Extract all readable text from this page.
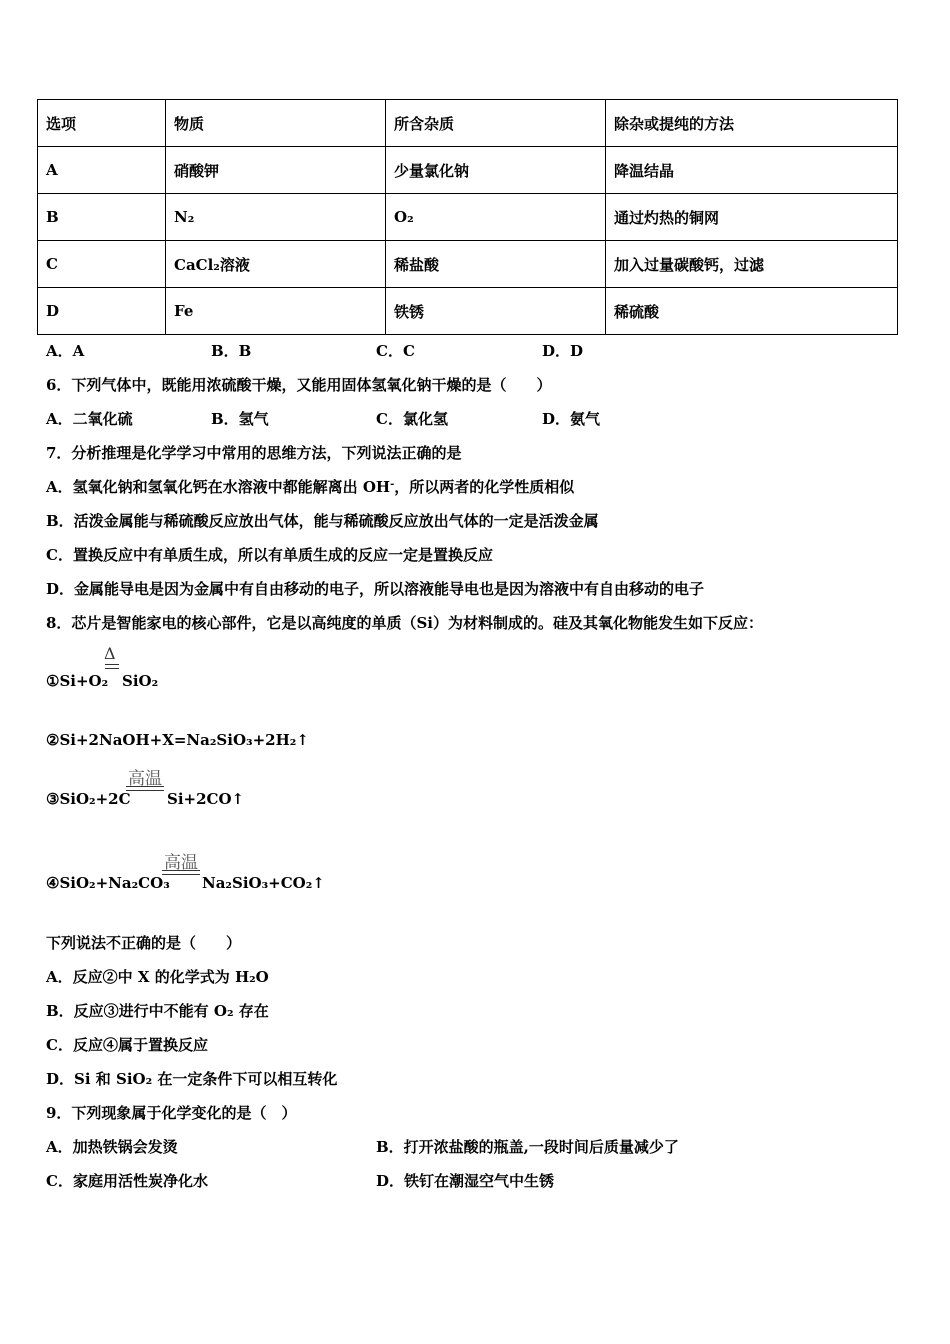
选项	物质	所含杂质	除杂或提纯的方法
A	硝酸钾	少量氯化钠	降温结晶
B	N₂	O₂	通过灼热的铜网
C	CaCl₂溶液	稀盐酸	加入过量碳酸钙，过滤
D	Fe	铁锈	稀硫酸
A．A	B．B	C．C	D．D
6．下列气体中，既能用浓硫酸干燥，又能用固体氢氧化钠干燥的是（　　）
A．二氧化硫	B．氢气	C．氯化氢	D．氨气
7．分析推理是化学学习中常用的思维方法，下列说法正确的是
A．氢氧化钠和氢氧化钙在水溶液中都能解离出 OH-，所以两者的化学性质相似
B．活泼金属能与稀硫酸反应放出气体，能与稀硫酸反应放出气体的一定是活泼金属
C．置换反应中有单质生成，所以有单质生成的反应一定是置换反应
D．金属能导电是因为金属中有自由移动的电子，所以溶液能导电也是因为溶液中有自由移动的电子
8．芯片是智能家电的核心部件，它是以高纯度的单质（Si）为材料制成的。硅及其氧化物能发生如下反应：
Δ
①Si+O₂ SiO₂
②Si+2NaOH+X=Na₂SiO₃+2H₂↑
高温
③SiO₂+2C Si+2CO↑
高温
④SiO₂+Na₂CO₃ Na₂SiO₃+CO₂↑
下列说法不正确的是（　　）
A．反应②中 X 的化学式为 H₂O
B．反应③进行中不能有 O₂ 存在
C．反应④属于置换反应
D．Si 和 SiO₂ 在一定条件下可以相互转化
9．下列现象属于化学变化的是（　）
A．加热铁锅会发烫	B．打开浓盐酸的瓶盖,一段时间后质量减少了
C．家庭用活性炭净化水	D．铁钉在潮湿空气中生锈
